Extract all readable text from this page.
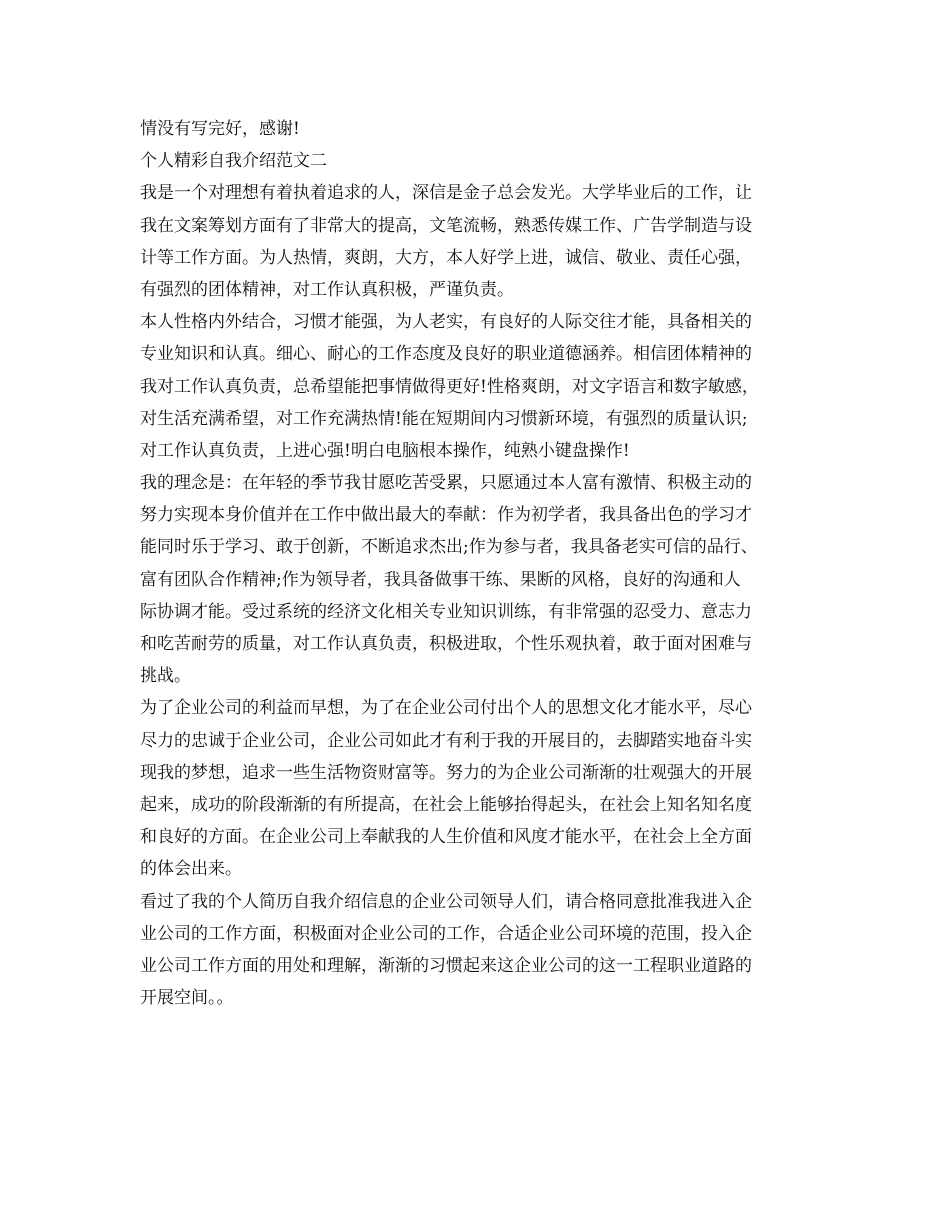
情没有写完好，感谢!
个人精彩自我介绍范文二
我是一个对理想有着执着追求的人，深信是金子总会发光。大学毕业后的工作，让
我在文案筹划方面有了非常大的提高，文笔流畅，熟悉传媒工作、广告学制造与设
计等工作方面。为人热情，爽朗，大方，本人好学上进，诚信、敬业、责任心强，
有强烈的团体精神，对工作认真积极，严谨负责。
本人性格内外结合，习惯才能强，为人老实，有良好的人际交往才能，具备相关的
专业知识和认真。细心、耐心的工作态度及良好的职业道德涵养。相信团体精神的
我对工作认真负责，总希望能把事情做得更好!性格爽朗，对文字语言和数字敏感，
对生活充满希望，对工作充满热情!能在短期间内习惯新环境，有强烈的质量认识;
对工作认真负责，上进心强!明白电脑根本操作，纯熟小键盘操作!
我的理念是：在年轻的季节我甘愿吃苦受累，只愿通过本人富有激情、积极主动的
努力实现本身价值并在工作中做出最大的奉献：作为初学者，我具备出色的学习才
能同时乐于学习、敢于创新，不断追求杰出;作为参与者，我具备老实可信的品行、
富有团队合作精神;作为领导者，我具备做事干练、果断的风格，良好的沟通和人
际协调才能。受过系统的经济文化相关专业知识训练，有非常强的忍受力、意志力
和吃苦耐劳的质量，对工作认真负责，积极进取，个性乐观执着，敢于面对困难与
挑战。
为了企业公司的利益而早想，为了在企业公司付出个人的思想文化才能水平，尽心
尽力的忠诚于企业公司，企业公司如此才有利于我的开展目的，去脚踏实地奋斗实
现我的梦想，追求一些生活物资财富等。努力的为企业公司渐渐的壮观强大的开展
起来，成功的阶段渐渐的有所提高，在社会上能够抬得起头，在社会上知名知名度
和良好的方面。在企业公司上奉献我的人生价值和风度才能水平，在社会上全方面
的体会出来。
看过了我的个人简历自我介绍信息的企业公司领导人们，请合格同意批准我进入企
业公司的工作方面，积极面对企业公司的工作，合适企业公司环境的范围，投入企
业公司工作方面的用处和理解，渐渐的习惯起来这企业公司的这一工程职业道路的
开展空间。。
